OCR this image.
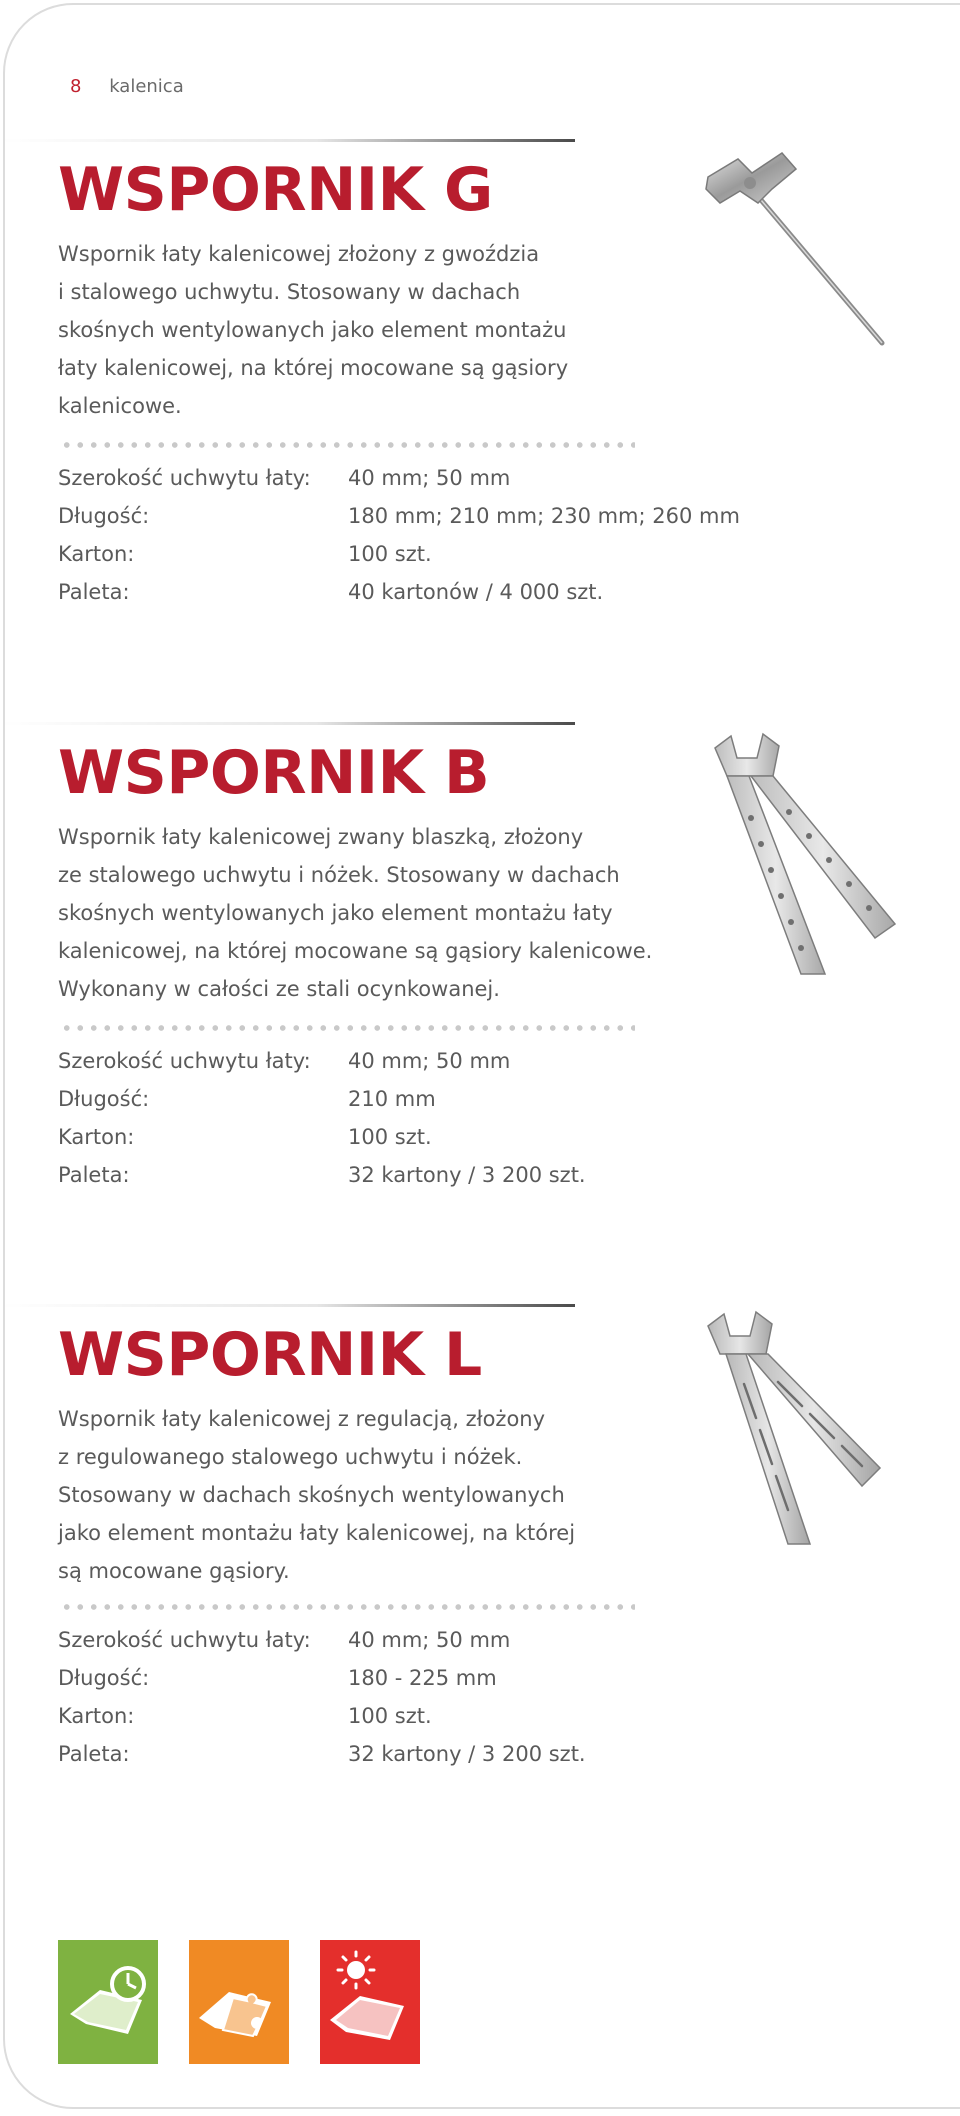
8 kalenica
WSPORNIK G

Wspornik łaty kalenicowej złożony z gwoździa

i stalowego uchwytu. Stosowany w dachach

skośnych wentylowanych jako element montażu

łaty kalenicowej, na której mocowane są gąsiory

kalenicowe.

Szerokość uchwytu łaty:	40 mm; 50 mm
Długość:	180 mm; 210 mm; 230 mm; 260 mm
Karton:	100 szt.
Paleta:	40 kartonów / 4 000 szt.
WSPORNIK B

Wspornik łaty kalenicowej zwany blaszką, złożony

ze stalowego uchwytu i nóżek. Stosowany w dachach

skośnych wentylowanych jako element montażu łaty

kalenicowej, na której mocowane są gąsiory kalenicowe.

Wykonany w całości ze stali ocynkowanej.

Szerokość uchwytu łaty:	40 mm; 50 mm
Długość:	210 mm
Karton:	100 szt.
Paleta:	32 kartony / 3 200 szt.
WSPORNIK L

Wspornik łaty kalenicowej z regulacją, złożony

z regulowanego stalowego uchwytu i nóżek.

Stosowany w dachach skośnych wentylowanych

jako element montażu łaty kalenicowej, na której

są mocowane gąsiory.

Szerokość uchwytu łaty:	40 mm; 50 mm
Długość:	180 - 225 mm
Karton:	100 szt.
Paleta:	32 kartony / 3 200 szt.
